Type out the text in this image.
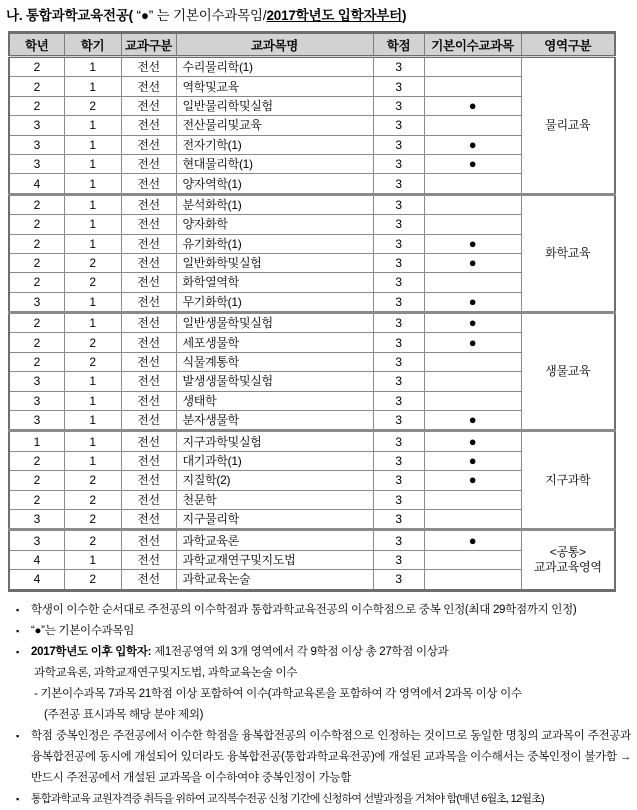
나. 통합과학교육전공( “●” 는 기본이수과목임/2017학년도 입학자부터)
학년	학기	교과구분	교과목명	학점	기본이수교과목	영역구분
2	1	전선	수리물리학(1)	3		물리교육

2	1	전선	역학및교육	3		
2	2	전선	일반물리학및실험	3	●	
3	1	전선	전산물리및교육	3		
3	1	전선	전자기학(1)	3	●	
3	1	전선	현대물리학(1)	3	●	
4	1	전선	양자역학(1)	3		
2	1	전선	분석화학(1)	3		화학교육

2	1	전선	양자화학	3		
2	1	전선	유기화학(1)	3	●	
2	2	전선	일반화학및실험	3	●	
2	2	전선	화학열역학	3		
3	1	전선	무기화학(1)	3	●	
2	1	전선	일반생물학및실험	3	●	생물교육

2	2	전선	세포생물학	3	●	
2	2	전선	식물계통학	3		
3	1	전선	발생생물학및실험	3		
3	1	전선	생태학	3		
3	1	전선	분자생물학	3	●	
1	1	전선	지구과학및실험	3	●	지구과학

2	1	전선	대기과학(1)	3	●	
2	2	전선	지질학(2)	3	●	
2	2	전선	천문학	3		
3	2	전선	지구물리학	3		
3	2	전선	과학교육론	3	●	<공통>
교과교육영역

4	1	전선	과학교재연구및지도법	3		
4	2	전선	과학교육논술	3		
▪ 학생이 이수한 순서대로 주전공의 이수학점과 통합과학교육전공의 이수학점으로 중복 인정(최대 29학점까지 인정)
▪ “●”는 기본이수과목임
▪ 2017학년도 이후 입학자: 제1전공영역 외 3개 영역에서 각 9학점 이상 총 27학점 이상과
과학교육론, 과학교재연구및지도법, 과학교육논술 이수
- 기본이수과목 7과목 21학점 이상 포함하여 이수(과학교육론을 포함하여 각 영역에서 2과목 이상 이수
(주전공 표시과목 해당 분야 제외)
▪ 학점 중복인정은 주전공에서 이수한 학점을 융복합전공의 이수학점으로 인정하는 것이므로 동일한 명칭의 교과목이 주전공과 융복합전공에 동시에 개설되어 있더라도 융복합전공(통합과학교육전공)에 개설된 교과목을 이수해서는 중복인정이 불가함 → 반드시 주전공에서 개설된 교과목을 이수하여야 중복인정이 가능함
▪ 통합과학교육 교원자격증 취득을 위하여 교직복수전공 신청 기간에 신청하여 선발과정을 거쳐야 함(매년 6월초, 12월초)
